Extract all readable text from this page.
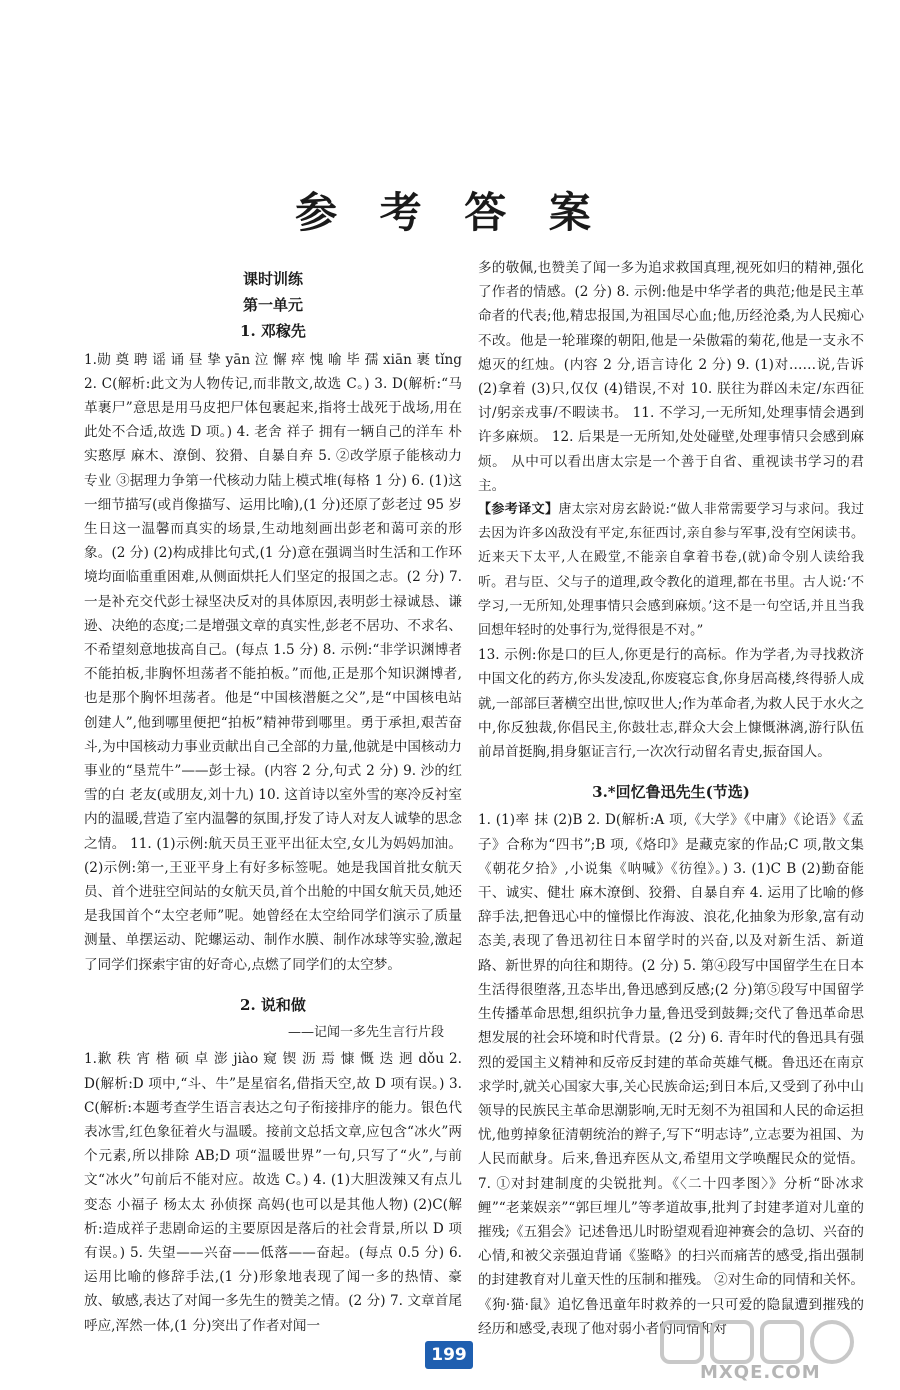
参 考 答 案
课时训练
第一单元
1. 邓稼先

1.勋 奠 聘 谣 诵 昼 挚 yān 泣 懈 瘁 愧 喻 毕 孺 xiān 裹 tǐng 2. C(解析:此文为人物传记,而非散文,故选 C。) 3. D(解析:“马革裹尸”意思是用马皮把尸体包裹起来,指将士战死于战场,用在此处不合适,故选 D 项。) 4. 老舍 祥子 拥有一辆自己的洋车 朴实憨厚 麻木、潦倒、狡猾、自暴自弃 5. ②改学原子能核动力专业 ③据理力争第一代核动力陆上模式堆(每格 1 分) 6. (1)这一细节描写(或肖像描写、运用比喻),(1 分)还原了彭老过 95 岁生日这一温馨而真实的场景,生动地刻画出彭老和蔼可亲的形象。(2 分) (2)构成排比句式,(1 分)意在强调当时生活和工作环境均面临重重困难,从侧面烘托人们坚定的报国之志。(2 分) 7. 一是补充交代彭士禄坚决反对的具体原因,表明彭士禄诚恳、谦逊、决绝的态度;二是增强文章的真实性,彭老不居功、不求名、不希望刻意地拔高自己。(每点 1.5 分) 8. 示例:“非学识渊博者不能拍板,非胸怀坦荡者不能拍板。”而他,正是那个知识渊博者,也是那个胸怀坦荡者。他是“中国核潜艇之父”,是“中国核电站创建人”,他到哪里便把“拍板”精神带到哪里。勇于承担,艰苦奋斗,为中国核动力事业贡献出自己全部的力量,他就是中国核动力事业的“垦荒牛”——彭士禄。(内容 2 分,句式 2 分) 9. 沙的红 雪的白 老友(或朋友,刘十九) 10. 这首诗以室外雪的寒冷反衬室内的温暖,营造了室内温馨的氛围,抒发了诗人对友人诚挚的思念之情。 11. (1)示例:航天员王亚平出征太空,女儿为妈妈加油。 (2)示例:第一,王亚平身上有好多标签呢。她是我国首批女航天员、首个进驻空间站的女航天员,首个出舱的中国女航天员,她还是我国首个“太空老师”呢。她曾经在太空给同学们演示了质量测量、单摆运动、陀螺运动、制作水膜、制作冰球等实验,激起了同学们探索宇宙的好奇心,点燃了同学们的太空梦。

2. 说和做
——记闻一多先生言行片段

1.歉 秩 宵 楷 硕 卓 澎 jiào 窥 锲 沥 焉 慷 慨 迭 迥 dǒu 2. D(解析:D 项中,“斗、牛”是星宿名,借指天空,故 D 项有误。) 3. C(解析:本题考查学生语言表达之句子衔接排序的能力。银色代表冰雪,红色象征着火与温暖。接前文总括文章,应包含“冰火”两个元素,所以排除 AB;D 项“温暖世界”一句,只写了“火”,与前文“冰火”句前后不能对应。故选 C。) 4. (1)大胆泼辣又有点儿变态 小福子 杨太太 孙侦探 高妈(也可以是其他人物) (2)C(解析:造成祥子悲剧命运的主要原因是落后的社会背景,所以 D 项有误。) 5. 失望——兴奋——低落——奋起。(每点 0.5 分) 6. 运用比喻的修辞手法,(1 分)形象地表现了闻一多的热情、豪放、敏感,表达了对闻一多先生的赞美之情。(2 分) 7. 文章首尾呼应,浑然一体,(1 分)突出了作者对闻一

多的敬佩,也赞美了闻一多为追求救国真理,视死如归的精神,强化了作者的情感。(2 分) 8. 示例:他是中华学者的典范;他是民主革命者的代表;他,精忠报国,为祖国尽心血;他,历经沧桑,为人民痴心不改。他是一轮璀璨的朝阳,他是一朵傲霜的菊花,他是一支永不熄灭的红烛。(内容 2 分,语言诗化 2 分) 9. (1)对……说,告诉 (2)拿着 (3)只,仅仅 (4)错误,不对 10. 朕往为群凶未定/东西征讨/躬亲戎事/不暇读书。 11. 不学习,一无所知,处理事情会遇到许多麻烦。 12. 后果是一无所知,处处碰壁,处理事情只会感到麻烦。 从中可以看出唐太宗是一个善于自省、重视读书学习的君主。

【参考译文】唐太宗对房玄龄说:“做人非常需要学习与求问。我过去因为许多凶敌没有平定,东征西讨,亲自参与军事,没有空闲读书。近来天下太平,人在殿堂,不能亲自拿着书卷,(就)命令别人读给我听。君与臣、父与子的道理,政令教化的道理,都在书里。古人说:‘不学习,一无所知,处理事情只会感到麻烦。’这不是一句空话,并且当我回想年轻时的处事行为,觉得很是不对。”

13. 示例:你是口的巨人,你更是行的高标。作为学者,为寻找救济中国文化的药方,你头发凌乱,你废寝忘食,你身居高楼,终得骄人成就,一部部巨著横空出世,惊叹世人;作为革命者,为救人民于水火之中,你反独裁,你倡民主,你鼓壮志,群众大会上慷慨淋漓,游行队伍前昂首挺胸,捐身躯证言行,一次次行动留名青史,振奋国人。

3.*回忆鲁迅先生(节选)

1. (1)率 抹 (2)B 2. D(解析:A 项,《大学》《中庸》《论语》《孟子》合称为“四书”;B 项,《烙印》是藏克家的作品;C 项,散文集《朝花夕拾》,小说集《呐喊》《彷徨》。) 3. (1)C B (2)勤奋能干、诚实、健壮 麻木潦倒、狡猾、自暴自弃 4. 运用了比喻的修辞手法,把鲁迅心中的憧憬比作海波、浪花,化抽象为形象,富有动态美,表现了鲁迅初往日本留学时的兴奋,以及对新生活、新道路、新世界的向往和期待。(2 分) 5. 第④段写中国留学生在日本生活得很堕落,丑态毕出,鲁迅感到反感;(2 分)第⑤段写中国留学生传播革命思想,组织抗争力量,鲁迅受到鼓舞;交代了鲁迅革命思想发展的社会环境和时代背景。(2 分) 6. 青年时代的鲁迅具有强烈的爱国主义精神和反帝反封建的革命英雄气概。鲁迅还在南京求学时,就关心国家大事,关心民族命运;到日本后,又受到了孙中山领导的民族民主革命思潮影响,无时无刻不为祖国和人民的命运担忧,他剪掉象征清朝统治的辫子,写下“明志诗”,立志要为祖国、为人民而献身。后来,鲁迅弃医从文,希望用文学唤醒民众的觉悟。 7. ①对封建制度的尖锐批判。《〈二十四孝图〉》分析“卧冰求鲤”“老莱娱亲”“郭巨埋儿”等孝道故事,批判了封建孝道对儿童的摧残;《五猖会》记述鲁迅儿时盼望观看迎神赛会的急切、兴奋的心情,和被父亲强迫背诵《鉴略》的扫兴而痛苦的感受,指出强制的封建教育对儿童天性的压制和摧残。 ②对生命的同情和关怀。《狗·猫·鼠》追忆鲁迅童年时救养的一只可爱的隐鼠遭到摧残的经历和感受,表现了他对弱小者的同情和对

199
MXQE.COM
